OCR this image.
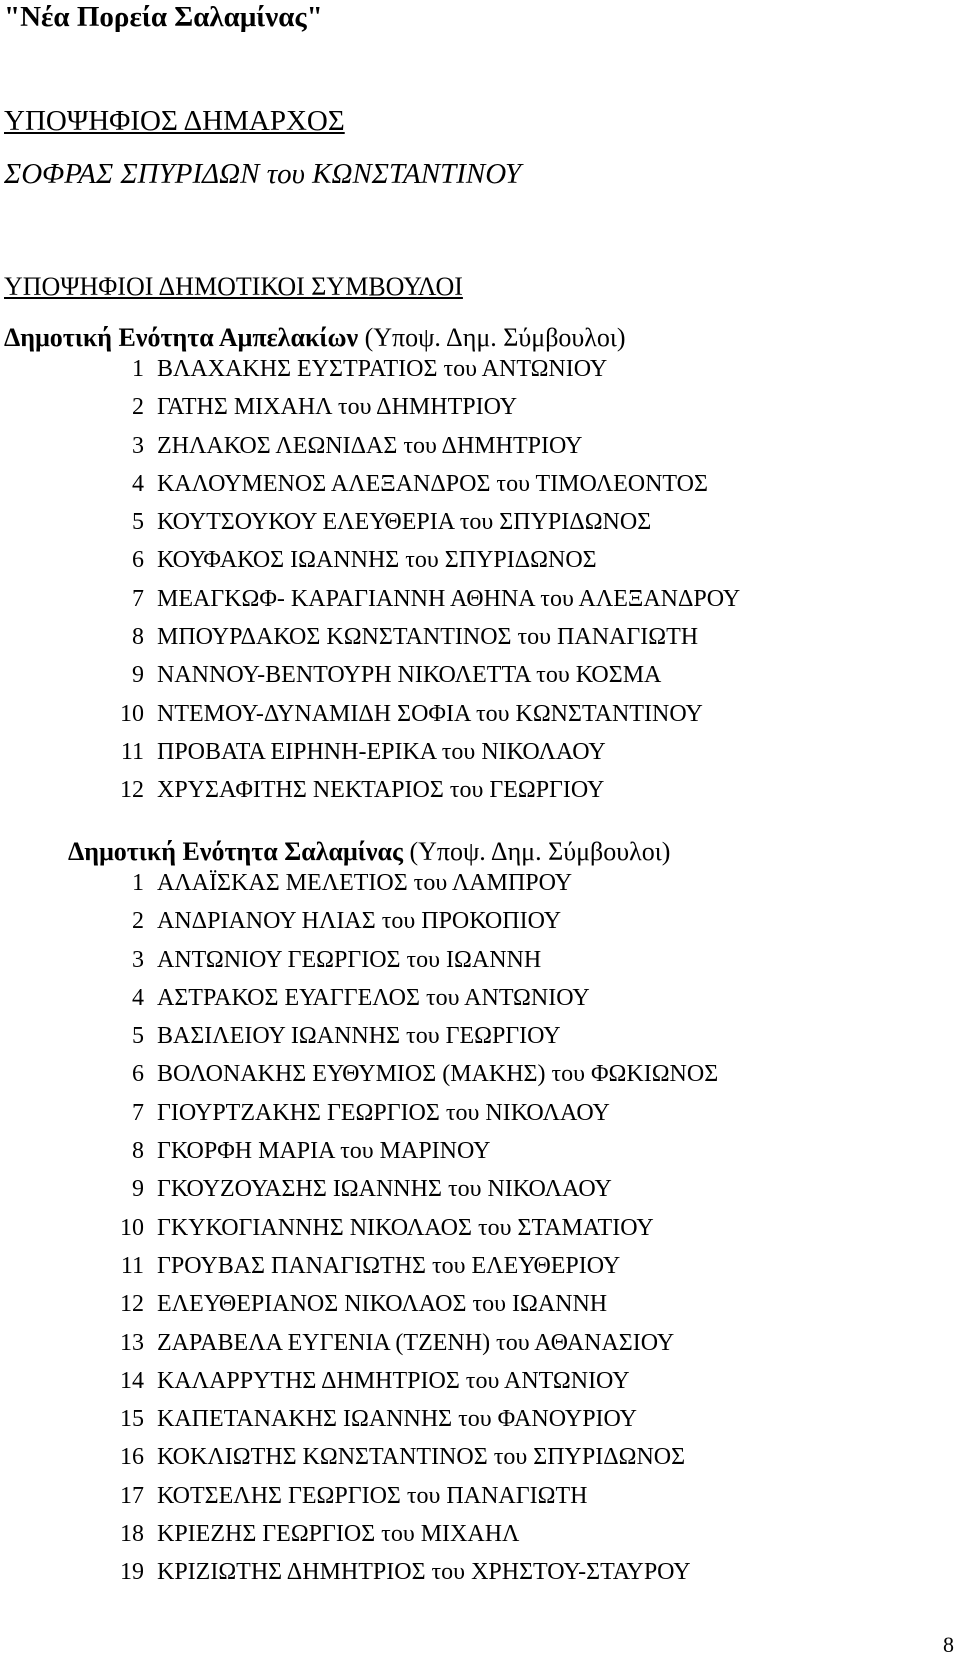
"Νέα Πορεία Σαλαμίνας"

ΥΠΟΨΗΦΙΟΣ ΔΗΜΑΡΧΟΣ

ΣΟΦΡΑΣ ΣΠΥΡΙΔΩΝ του ΚΩΝΣΤΑΝΤΙΝΟΥ

ΥΠΟΨΗΦΙΟΙ ΔΗΜΟΤΙΚΟΙ ΣΥΜΒΟΥΛΟΙ

Δημοτική Ενότητα Αμπελακίων (Υποψ. Δημ. Σύμβουλοι)

1 ΒΛΑΧΑΚΗΣ ΕΥΣΤΡΑΤΙΟΣ του ΑΝΤΩΝΙΟΥ
2 ΓΑΤΗΣ ΜΙΧΑΗΛ του ΔΗΜΗΤΡΙΟΥ
3 ΖΗΛΑΚΟΣ ΛΕΩΝΙΔΑΣ του ΔΗΜΗΤΡΙΟΥ
4 ΚΑΛΟΥΜΕΝΟΣ ΑΛΕΞΑΝΔΡΟΣ του ΤΙΜΟΛΕΟΝΤΟΣ
5 ΚΟΥΤΣΟΥΚΟΥ ΕΛΕΥΘΕΡΙΑ του ΣΠΥΡΙΔΩΝΟΣ
6 ΚΟΥΦΑΚΟΣ ΙΩΑΝΝΗΣ του ΣΠΥΡΙΔΩΝΟΣ
7 ΜΕΑΓΚΩΦ- ΚΑΡΑΓΙΑΝΝΗ ΑΘΗΝΑ του ΑΛΕΞΑΝΔΡΟΥ
8 ΜΠΟΥΡΔΑΚΟΣ ΚΩΝΣΤΑΝΤΙΝΟΣ του ΠΑΝΑΓΙΩΤΗ
9 ΝΑΝΝΟΥ-ΒΕΝΤΟΥΡΗ ΝΙΚΟΛΕΤΤΑ του ΚΟΣΜΑ
10 ΝΤΕΜΟΥ-ΔΥΝΑΜΙΔΗ ΣΟΦΙΑ του ΚΩΝΣΤΑΝΤΙΝΟΥ
11 ΠΡΟΒΑΤΑ ΕΙΡΗΝΗ-ΕΡΙΚΑ του ΝΙΚΟΛΑΟΥ
12 ΧΡΥΣΑΦΙΤΗΣ ΝΕΚΤΑΡΙΟΣ του ΓΕΩΡΓΙΟΥ

Δημοτική Ενότητα Σαλαμίνας (Υποψ. Δημ. Σύμβουλοι)

1 ΑΛΑΪΣΚΑΣ ΜΕΛΕΤΙΟΣ του ΛΑΜΠΡΟΥ
2 ΑΝΔΡΙΑΝΟΥ ΗΛΙΑΣ του ΠΡΟΚΟΠΙΟΥ
3 ΑΝΤΩΝΙΟΥ ΓΕΩΡΓΙΟΣ του ΙΩΑΝΝΗ
4 ΑΣΤΡΑΚΟΣ ΕΥΑΓΓΕΛΟΣ του ΑΝΤΩΝΙΟΥ
5 ΒΑΣΙΛΕΙΟΥ ΙΩΑΝΝΗΣ του ΓΕΩΡΓΙΟΥ
6 ΒΟΛΟΝΑΚΗΣ ΕΥΘΥΜΙΟΣ (ΜΑΚΗΣ) του ΦΩΚΙΩΝΟΣ
7 ΓΙΟΥΡΤΖΑΚΗΣ ΓΕΩΡΓΙΟΣ του ΝΙΚΟΛΑΟΥ
8 ΓΚΟΡΦΗ ΜΑΡΙΑ του ΜΑΡΙΝΟΥ
9 ΓΚΟΥΖΟΥΑΣΗΣ ΙΩΑΝΝΗΣ του ΝΙΚΟΛΑΟΥ
10 ΓΚΥΚΟΓΙΑΝΝΗΣ ΝΙΚΟΛΑΟΣ του ΣΤΑΜΑΤΙΟΥ
11 ΓΡΟΥΒΑΣ ΠΑΝΑΓΙΩΤΗΣ του ΕΛΕΥΘΕΡΙΟΥ
12 ΕΛΕΥΘΕΡΙΑΝΟΣ ΝΙΚΟΛΑΟΣ του ΙΩΑΝΝΗ
13 ΖΑΡΑΒΕΛΑ ΕΥΓΕΝΙΑ (ΤΖΕΝΗ) του ΑΘΑΝΑΣΙΟΥ
14 ΚΑΛΑΡΡΥΤΗΣ ΔΗΜΗΤΡΙΟΣ του ΑΝΤΩΝΙΟΥ
15 ΚΑΠΕΤΑΝΑΚΗΣ ΙΩΑΝΝΗΣ του ΦΑΝΟΥΡΙΟΥ
16 ΚΟΚΛΙΩΤΗΣ ΚΩΝΣΤΑΝΤΙΝΟΣ του ΣΠΥΡΙΔΩΝΟΣ
17 ΚΟΤΣΕΛΗΣ ΓΕΩΡΓΙΟΣ του ΠΑΝΑΓΙΩΤΗ
18 ΚΡΙΕΖΗΣ ΓΕΩΡΓΙΟΣ του ΜΙΧΑΗΛ
19 ΚΡΙΖΙΩΤΗΣ ΔΗΜΗΤΡΙΟΣ του ΧΡΗΣΤΟΥ-ΣΤΑΥΡΟΥ

8
